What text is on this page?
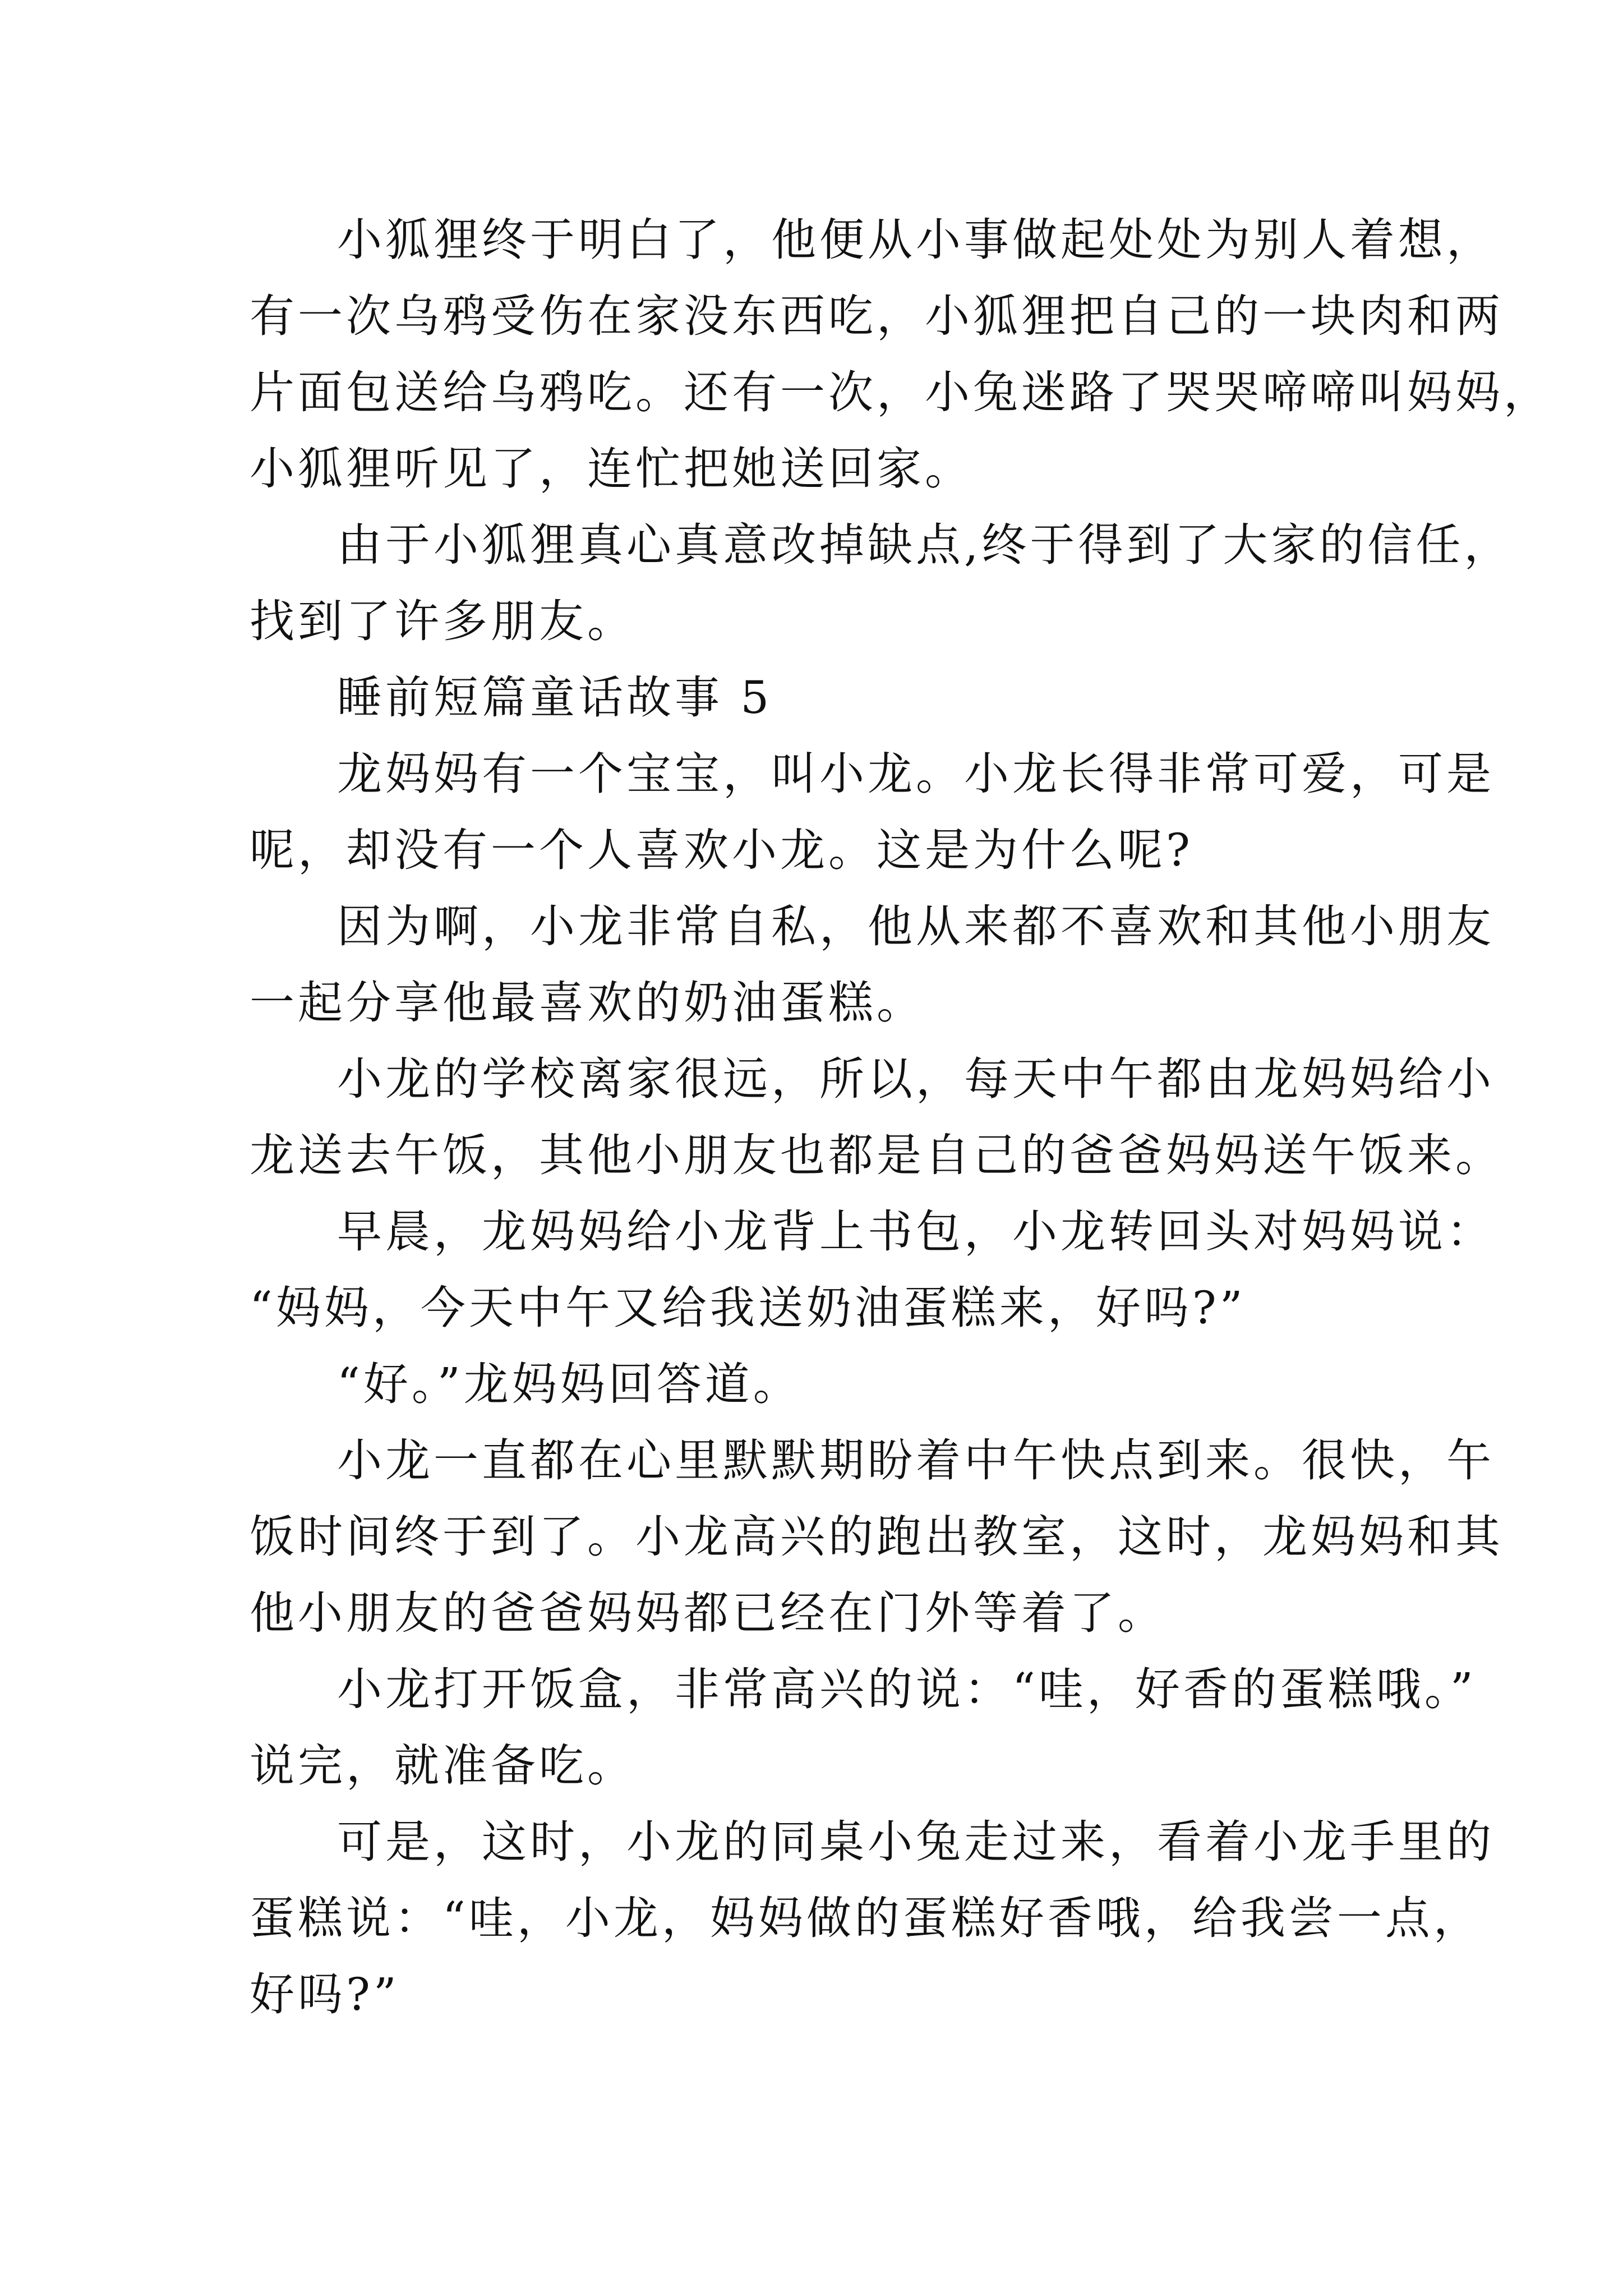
小狐狸终于明白了，他便从小事做起处处为别人着想，
有一次乌鸦受伤在家没东西吃，小狐狸把自己的一块肉和两
片面包送给乌鸦吃。还有一次，小兔迷路了哭哭啼啼叫妈妈，
小狐狸听见了，连忙把她送回家。
由于小狐狸真心真意改掉缺点,终于得到了大家的信任，
找到了许多朋友。
睡前短篇童话故事 5
龙妈妈有一个宝宝，叫小龙。小龙长得非常可爱，可是
呢，却没有一个人喜欢小龙。这是为什么呢?
因为啊，小龙非常自私，他从来都不喜欢和其他小朋友
一起分享他最喜欢的奶油蛋糕。
小龙的学校离家很远，所以，每天中午都由龙妈妈给小
龙送去午饭，其他小朋友也都是自己的爸爸妈妈送午饭来。
早晨，龙妈妈给小龙背上书包，小龙转回头对妈妈说：
“妈妈，今天中午又给我送奶油蛋糕来，好吗?”
“好。”龙妈妈回答道。
小龙一直都在心里默默期盼着中午快点到来。很快，午
饭时间终于到了。小龙高兴的跑出教室，这时，龙妈妈和其
他小朋友的爸爸妈妈都已经在门外等着了。
小龙打开饭盒，非常高兴的说：“哇，好香的蛋糕哦。”
说完，就准备吃。
可是，这时，小龙的同桌小兔走过来，看着小龙手里的
蛋糕说：“哇，小龙，妈妈做的蛋糕好香哦，给我尝一点，
好吗?”
